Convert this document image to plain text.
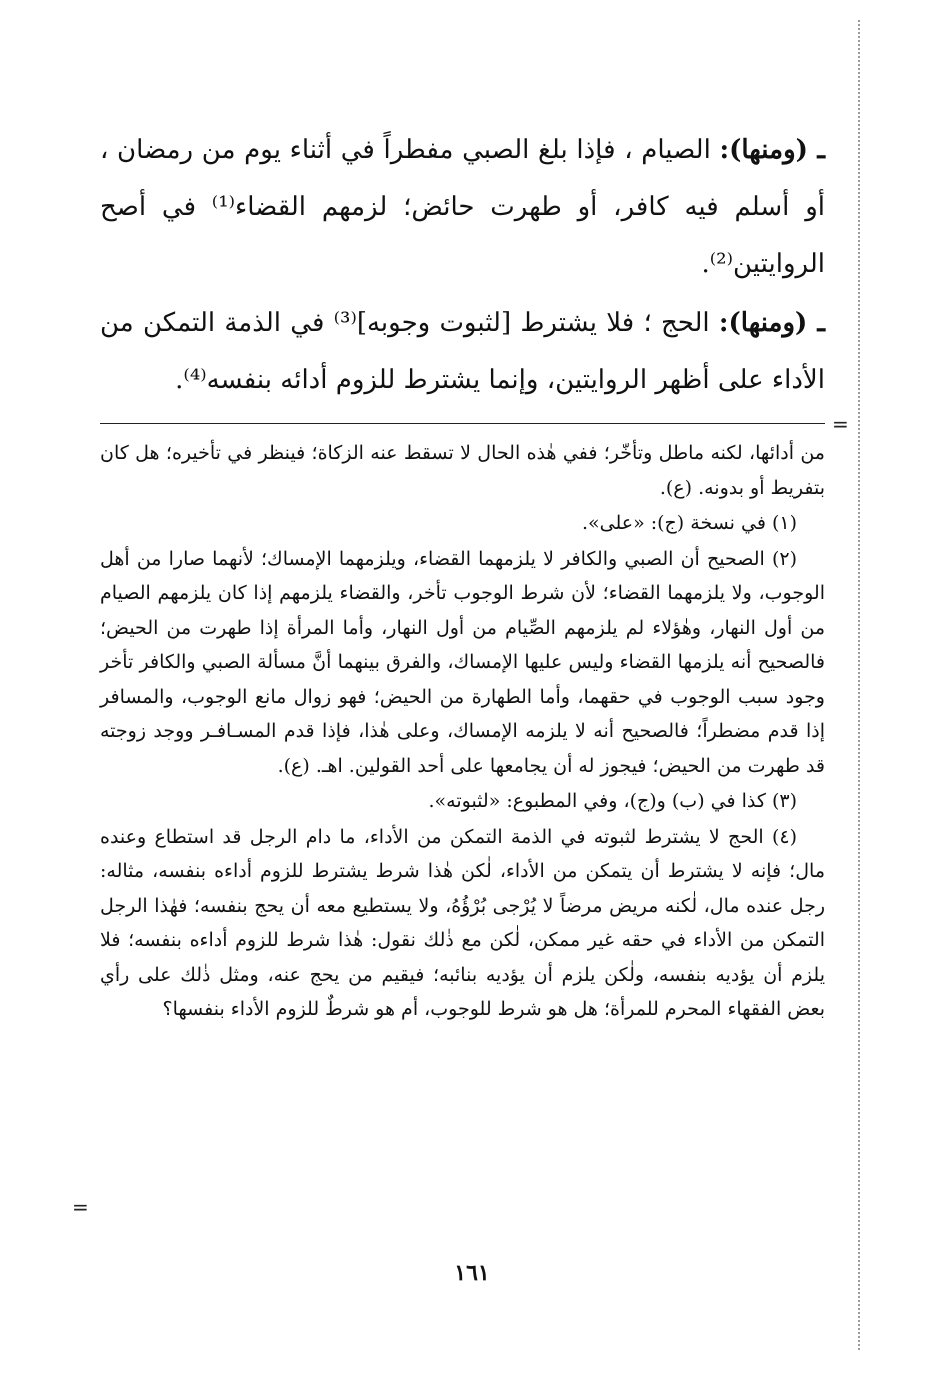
ـ (ومنها): الصيام ، فإذا بلغ الصبي مفطراً في أثناء يوم من رمضان ، أو أسلم فيه كافر، أو طهرت حائض؛ لزمهم القضاء⁽¹⁾ في أصح الروايتين⁽²⁾.

ـ (ومنها): الحج ؛ فلا يشترط [لثبوت وجوبه]⁽³⁾ في الذمة التمكن من الأداء على أظهر الروايتين، وإنما يشترط للزوم أدائه بنفسه⁽⁴⁾.

من أدائها، لكنه ماطل وتأخّر؛ ففي هٰذه الحال لا تسقط عنه الزكاة؛ فينظر في تأخيره؛ هل كان بتفريط أو بدونه. (ع).

(١) في نسخة (ج): «على».

(٢) الصحيح أن الصبي والكافر لا يلزمهما القضاء، ويلزمهما الإمساك؛ لأنهما صارا من أهل الوجوب، ولا يلزمهما القضاء؛ لأن شرط الوجوب تأخر، والقضاء يلزمهم إذا كان يلزمهم الصيام من أول النهار، وهٰؤلاء لم يلزمهم الصِّيام من أول النهار، وأما المرأة إذا طهرت من الحيض؛ فالصحيح أنه يلزمها القضاء وليس عليها الإمساك، والفرق بينهما أنَّ مسألة الصبي والكافر تأخر وجود سبب الوجوب في حقهما، وأما الطهارة من الحيض؛ فهو زوال مانع الوجوب، والمسافر إذا قدم مضطراً؛ فالصحيح أنه لا يلزمه الإمساك، وعلى هٰذا، فإذا قدم المسـافـر ووجد زوجته قد طهرت من الحيض؛ فيجوز له أن يجامعها على أحد القولين. اهـ. (ع).

(٣) كذا في (ب) و(ج)، وفي المطبوع: «لثبوته».

(٤) الحج لا يشترط لثبوته في الذمة التمكن من الأداء، ما دام الرجل قد استطاع وعنده مال؛ فإنه لا يشترط أن يتمكن من الأداء، لٰكن هٰذا شرط يشترط للزوم أداءه بنفسه، مثاله: رجل عنده مال، لٰكنه مريض مرضاً لا يُرْجى بُرْؤُهُ، ولا يستطيع معه أن يحج بنفسه؛ فهٰذا الرجل التمكن من الأداء في حقه غير ممكن، لٰكن مع ذٰلك نقول: هٰذا شرط للزوم أداءه بنفسه؛ فلا يلزم أن يؤديه بنفسه، ولٰكن يلزم أن يؤديه بنائبه؛ فيقيم من يحج عنه، ومثل ذٰلك على رأي بعض الفقهاء المحرم للمرأة؛ هل هو شرط للوجوب، أم هو شرطٌ للزوم الأداء بنفسها؟

=
=
١٦١
